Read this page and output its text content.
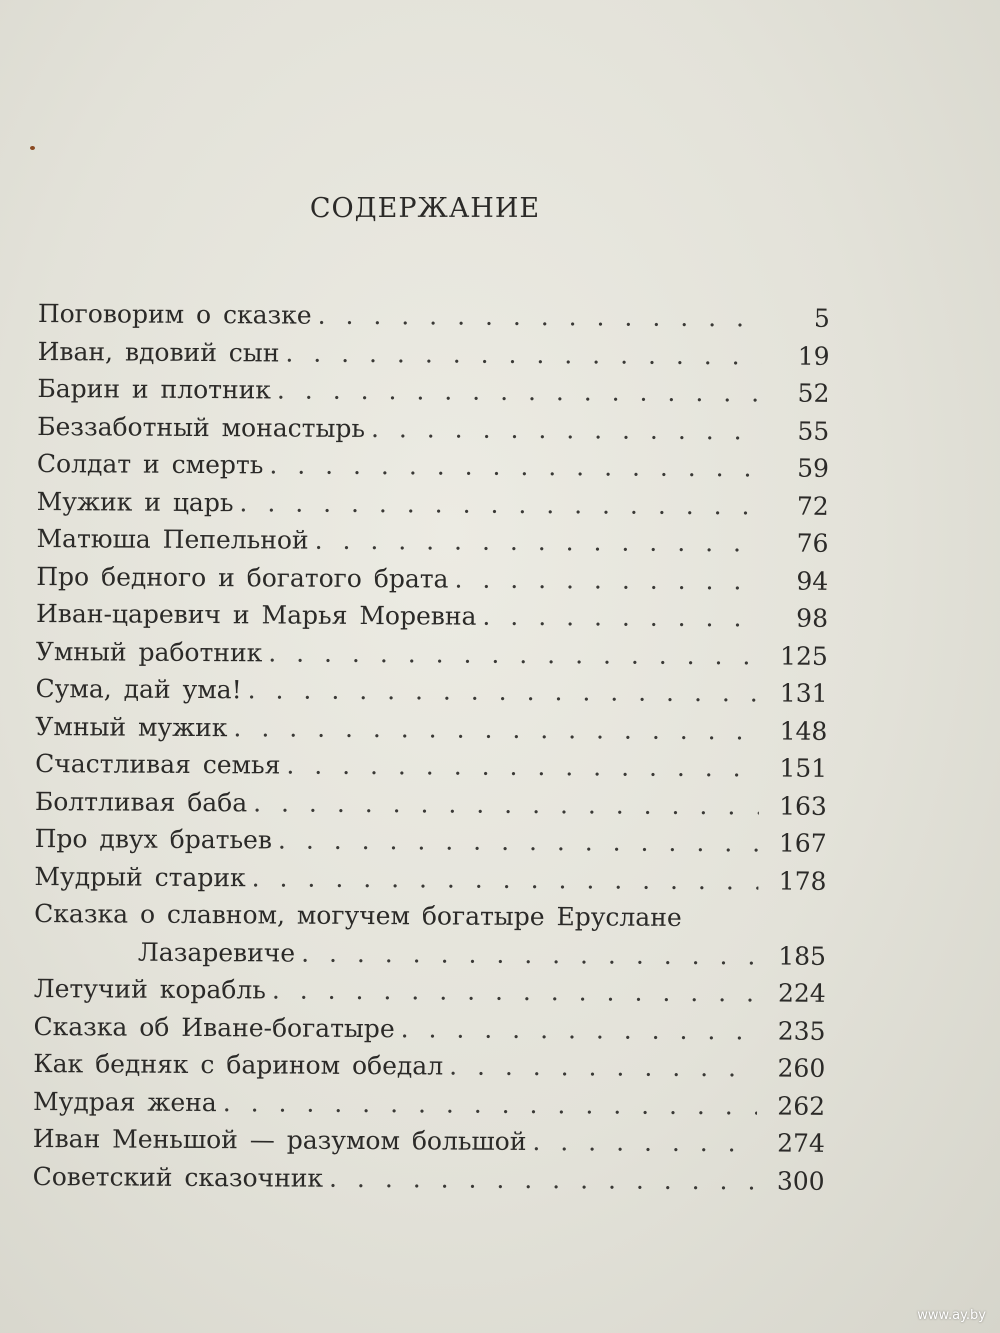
СОДЕРЖАНИЕ
Поговорим о сказке . . .	5
Иван, вдовий сын . . .	19
Барин и плотник . . .	52
Беззаботный монастырь . . .	55
Солдат и смерть . . .	59
Мужик и царь . . .	72
Матюша Пепельной . . .	76
Про бедного и богатого брата . . .	94
Иван-царевич и Марья Моревна . . .	98
Умный работник . . .	125
Сума, дай ума! . . .	131
Умный мужик . . .	148
Счастливая семья . . .	151
Болтливая баба . . .	163
Про двух братьев . . .	167
Мудрый старик . . .	178
Сказка о славном, могучем богатыре Еруслане
Лазаревиче . . .	185
Летучий корабль . . .	224
Сказка об Иване-богатыре . . .	235
Как бедняк с барином обедал . . .	260
Мудрая жена . . .	262
Иван Меньшой — разумом большой . . .	274
Советский сказочник . . .	300
www.ay.by
